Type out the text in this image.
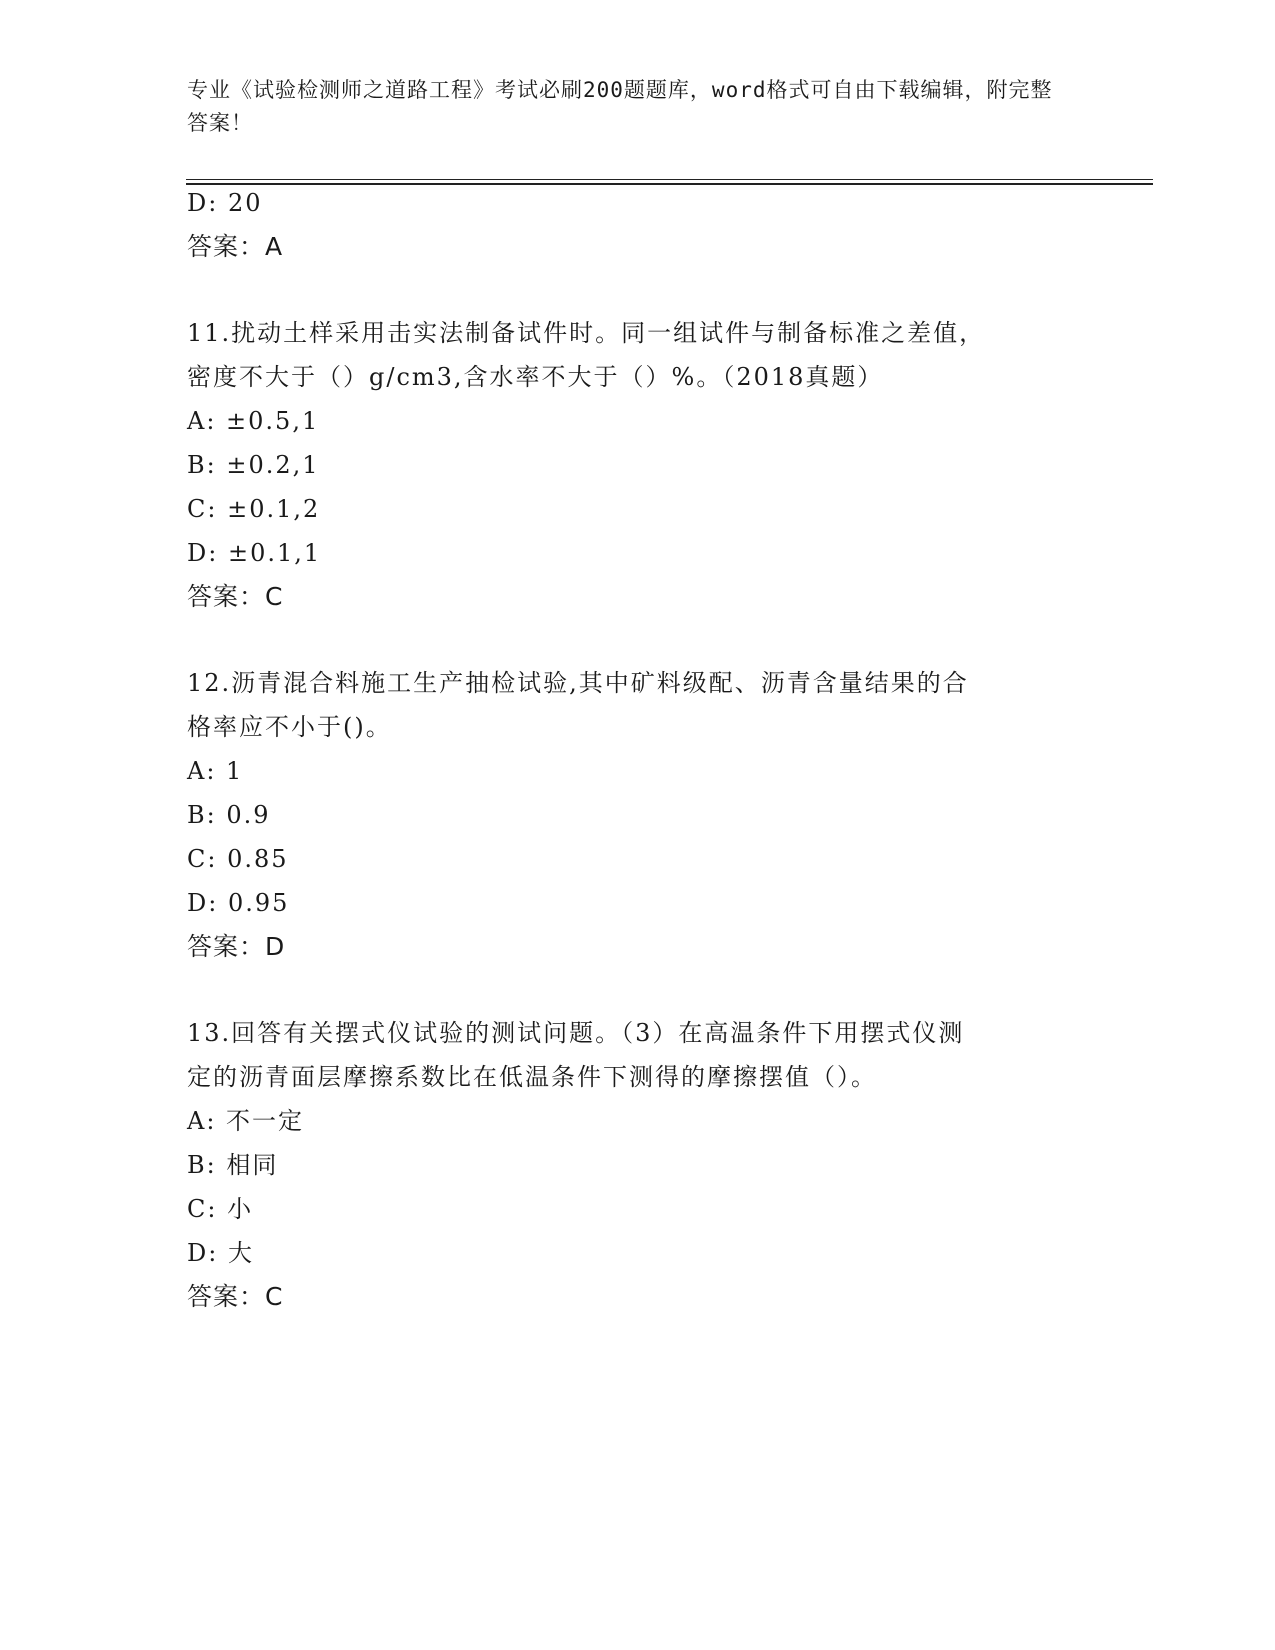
专业《试验检测师之道路工程》考试必刷200题题库，word格式可自由下载编辑，附完整答案！
D: 20
答案：A
11.扰动土样采用击实法制备试件时。同一组试件与制备标准之差值，
密度不大于（）g/cm3,含水率不大于（）%。（2018真题）
A: ±0.5,1
B: ±0.2,1
C: ±0.1,2
D: ±0.1,1
答案：C
12.沥青混合料施工生产抽检试验,其中矿料级配、沥青含量结果的合
格率应不小于()。
A: 1
B: 0.9
C: 0.85
D: 0.95
答案：D
13.回答有关摆式仪试验的测试问题。（3）在高温条件下用摆式仪测
定的沥青面层摩擦系数比在低温条件下测得的摩擦摆值（）。
A: 不一定
B: 相同
C: 小
D: 大
答案：C
